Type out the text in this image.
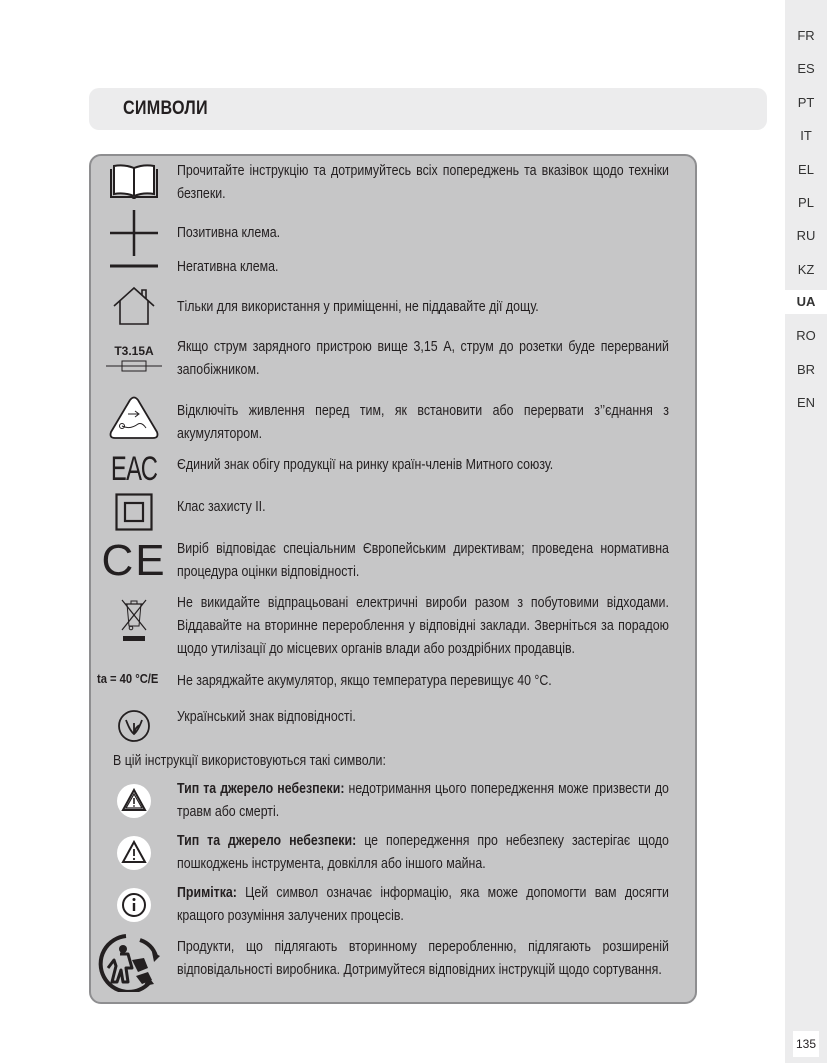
FR
ES
PT
IT
EL
PL
RU
KZ
UA
RO
BR
EN
135
СИМВОЛИ
Прочитайте інструкцію та дотримуйтесь всіх попереджень та вказівок щодо техніки безпеки.
Позитивна клема.
Негативна клема.
Тільки для використання у приміщенні, не піддавайте дії дощу.
T3.15A Якщо струм зарядного пристрою вище 3,15 А, струм до розетки буде перерваний запобіжником.
Відключіть живлення перед тим, як встановити або перервати з’’єднання з акумулятором.
ЕАС Єдиний знак обігу продукції на ринку країн-членів Митного союзу.
Клас захисту II.
CE Виріб відповідає спеціальним Європейським директивам; проведена нормативна процедура оцінки відповідності.
Не викидайте відпрацьовані електричні вироби разом з побутовими відходами. Віддавайте на вторинне перероблення у відповідні заклади. Зверніться за порадою щодо утилізації до місцевих органів влади або роздрібних продавців.
ta = 40 °C/E Не заряджайте акумулятор, якщо температура перевищує 40 °C.
Український знак відповідності.
В цій інструкції використовуються такі символи:
Тип та джерело небезпеки: недотримання цього попередження може призвести до травм або смерті.
Тип та джерело небезпеки: це попередження про небезпеку застерігає щодо пошкоджень інструмента, довкілля або іншого майна.
Примітка: Цей символ означає інформацію, яка може допомогти вам досягти кращого розуміння залучених процесів.
Продукти, що підлягають вторинному переробленню, підлягають розширеній відповідальності виробника. Дотримуйтеся відповідних інструкцій щодо сортування.
